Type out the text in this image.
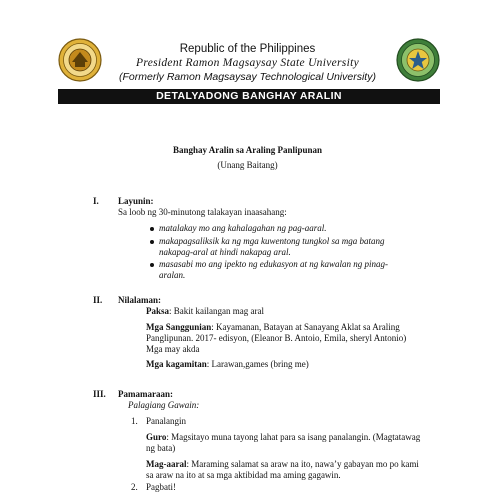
Republic of the Philippines
President Ramon Magsaysay State University
(Formerly Ramon Magsaysay Technological University)
DETALYADONG BANGHAY ARALIN
Banghay Aralin sa Araling Panlipunan
(Unang Baitang)
I. Layunin:
Sa loob ng 30-minutong talakayan inaasahang:
matalakay mo ang kahalagahan ng pag-aaral.
makapagsaliksik ka ng mga kuwentong tungkol sa mga batang
nakapag-aral at hindi nakapag aral.
masasabi mo ang ipekto ng edukasyon at ng kawalan ng pinag-
aralan.
II. Nilalaman:
Paksa: Bakit kailangan mag aral
Mga Sanggunian: Kayamanan, Batayan at Sanayang Aklat sa Araling
Panglipunan. 2017- edisyon, (Eleanor B. Antoio, Emila, sheryl Antonio)
Mga may akda
Mga kagamitan: Larawan,games (bring me)
III. Pamamaraan:
Palagiang Gawain:
1. Panalangin
Guro: Magsitayo muna tayong lahat para sa isang panalangin. (Magtatawag
ng bata)
Mag-aaral: Maraming salamat sa araw na ito, nawa’y gabayan mo po kami
sa araw na ito at sa mga aktibidad ma aming gagawin.
2. Pagbati!
